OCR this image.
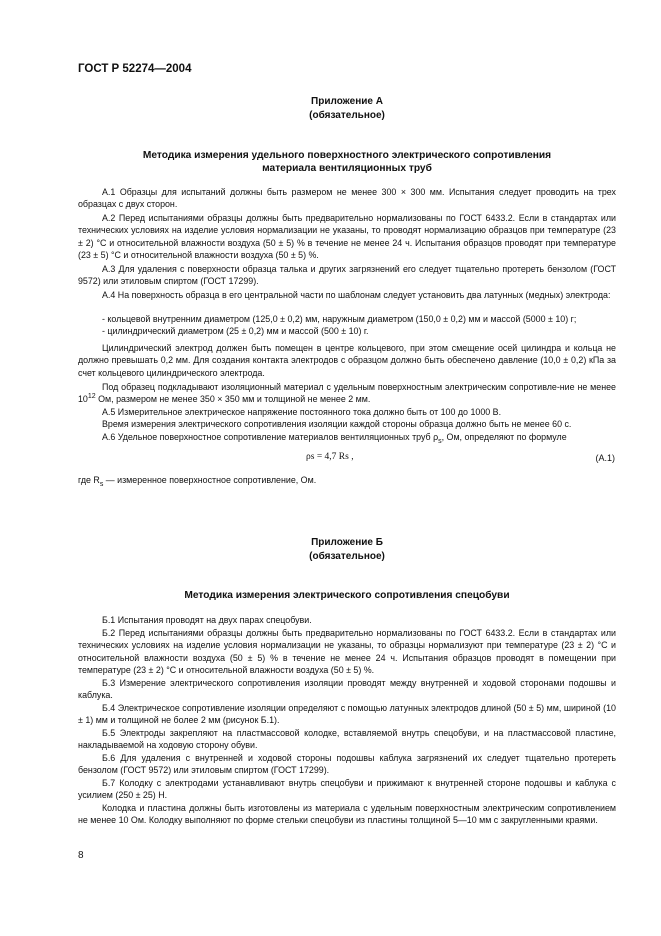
ГОСТ Р 52274—2004
Приложение А
(обязательное)
Методика измерения удельного поверхностного электрического сопротивления
материала вентиляционных труб

А.1 Образцы для испытаний должны быть размером не менее 300 × 300 мм. Испытания следует проводить на трех образцах с двух сторон.

А.2 Перед испытаниями образцы должны быть предварительно нормализованы по ГОСТ 6433.2. Если в стандартах или технических условиях на изделие условия нормализации не указаны, то проводят нормализацию образцов при температуре (23 ± 2) °С и относительной влажности воздуха (50 ± 5) % в течение не менее 24 ч. Испытания образцов проводят при температуре (23 ± 5) °С и относительной влажности воздуха (50 ± 5) %.

А.3 Для удаления с поверхности образца талька и других загрязнений его следует тщательно протереть бензолом (ГОСТ 9572) или этиловым спиртом (ГОСТ 17299).

А.4 На поверхность образца в его центральной части по шаблонам следует установить два латунных (медных) электрода:

- кольцевой внутренним диаметром (125,0 ± 0,2) мм, наружным диаметром (150,0 ± 0,2) мм и массой (5000 ± 10) г;

- цилиндрический диаметром (25 ± 0,2) мм и массой (500 ± 10) г.

Цилиндрический электрод должен быть помещен в центре кольцевого, при этом смещение осей цилиндра и кольца не должно превышать 0,2 мм. Для создания контакта электродов с образцом должно быть обеспечено давление (10,0 ± 0,2) кПа за счет кольцевого цилиндрического электрода.

Под образец подкладывают изоляционный материал с удельным поверхностным электрическим сопротивле-ние не менее $10^{12}$ Ом, размером не менее 350 × 350 мм и толщиной не менее 2 мм.

А.5 Измерительное электрическое напряжение постоянного тока должно быть от 100 до 1000 В.

Время измерения электрического сопротивления изоляции каждой стороны образца должно быть не менее 60 с.

А.6 Удельное поверхностное сопротивление материалов вентиляционных труб $\rho_s$, Ом, определяют по формуле

ρs = 4,7 Rs ,	(А.1)

где $R_s$ — измеренное поверхностное сопротивление, Ом.

Приложение Б
(обязательное)
Методика измерения электрического сопротивления спецобуви

Б.1 Испытания проводят на двух парах спецобуви.

Б.2 Перед испытаниями образцы должны быть предварительно нормализованы по ГОСТ 6433.2. Если в стандартах или технических условиях на изделие условия нормализации не указаны, то образцы нормализуют при температуре (23 ± 2) °С и относительной влажности воздуха (50 ± 5) % в течение не менее 24 ч. Испытания образцов проводят в помещении при температуре (23 ± 2) °С и относительной влажности воздуха (50 ± 5) %.

Б.3 Измерение электрического сопротивления изоляции проводят между внутренней и ходовой сторонами подошвы и каблука.

Б.4 Электрическое сопротивление изоляции определяют с помощью латунных электродов длиной (50 ± 5) мм, шириной (10 ± 1) мм и толщиной не более 2 мм (рисунок Б.1).

Б.5 Электроды закрепляют на пластмассовой колодке, вставляемой внутрь спецобуви, и на пластмассовой пластине, накладываемой на ходовую сторону обуви.

Б.6 Для удаления с внутренней и ходовой стороны подошвы каблука загрязнений их следует тщательно протереть бензолом (ГОСТ 9572) или этиловым спиртом (ГОСТ 17299).

Б.7 Колодку с электродами устанавливают внутрь спецобуви и прижимают к внутренней стороне подошвы и каблука с усилием (250 ± 25) Н.

Колодка и пластина должны быть изготовлены из материала с удельным поверхностным электрическим сопротивлением не менее 10 Ом. Колодку выполняют по форме стельки спецобуви из пластины толщиной 5—10 мм с закругленными краями.

8
